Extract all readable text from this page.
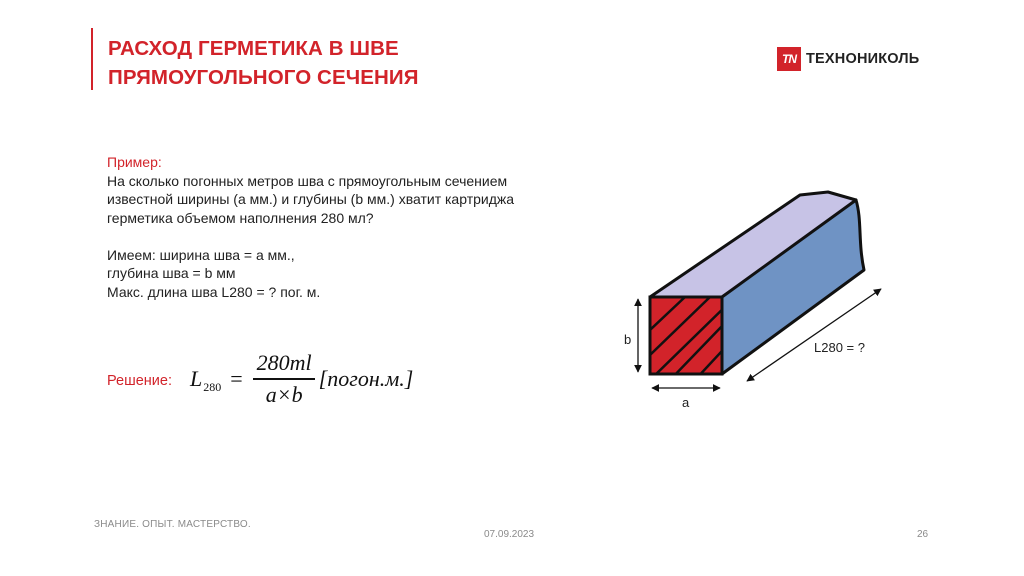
РАСХОД ГЕРМЕТИКА В ШВЕ
ПРЯМОУГОЛЬНОГО СЕЧЕНИЯ
TN ТЕХНОНИКОЛЬ

Пример:

На сколько погонных метров шва с прямоугольным сечением

известной ширины (а мм.) и глубины (b мм.) хватит картриджа

герметика объемом наполнения 280 мл?

Имеем: ширина шва = а мм.,

глубина шва = b мм

Макс. длина шва L280 = ? пог. м.

Решение: $L_{280} = \frac{280ml}{a\times b}$ [погон.м.]
b
a
L280 = ?
ЗНАНИЕ. ОПЫТ. МАСТЕРСТВО.
07.09.2023	26
